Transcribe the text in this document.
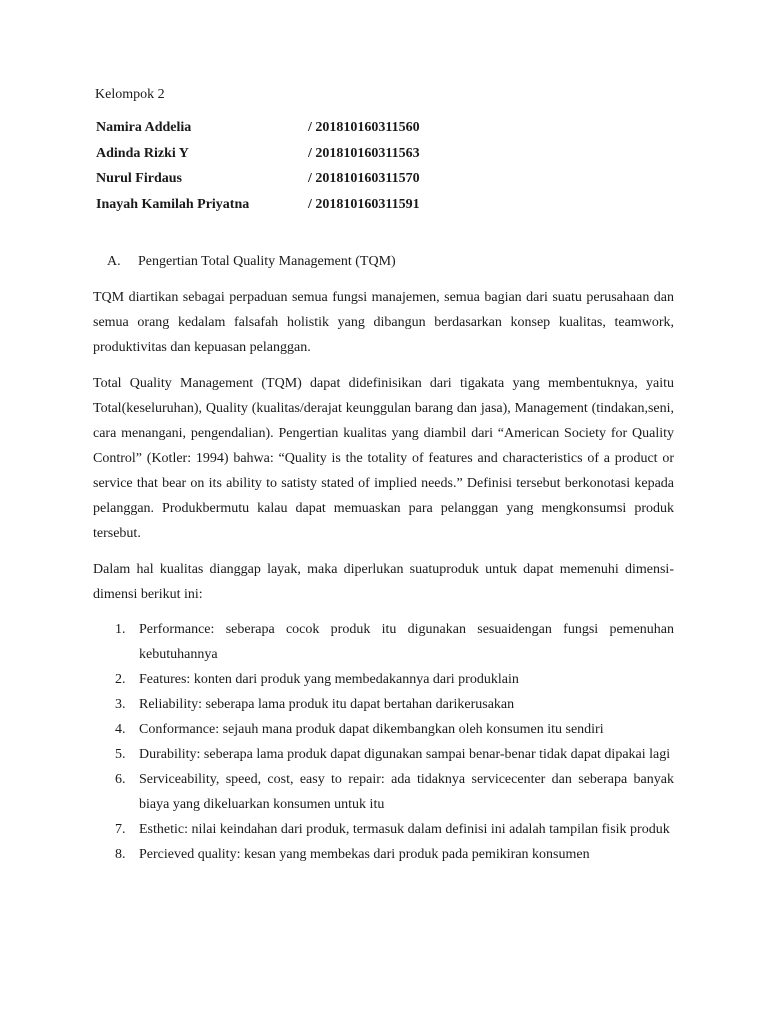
Kelompok 2
Namira Addelia	/ 201810160311560
Adinda Rizki Y	/ 201810160311563
Nurul Firdaus	/ 201810160311570
Inayah Kamilah Priyatna	/ 201810160311591
A. Pengertian Total Quality Management (TQM)

TQM diartikan sebagai perpaduan semua fungsi manajemen, semua bagian dari suatu perusahaan dan semua orang kedalam falsafah holistik yang dibangun berdasarkan konsep kualitas, teamwork, produktivitas dan kepuasan pelanggan.

Total Quality Management (TQM) dapat didefinisikan dari tigakata yang membentuknya, yaitu Total(keseluruhan), Quality (kualitas/derajat keunggulan barang dan jasa), Management (tindakan,seni, cara menangani, pengendalian). Pengertian kualitas yang diambil dari “American Society for Quality Control” (Kotler: 1994) bahwa: “Quality is the totality of features and characteristics of a product or service that bear on its ability to satisty stated of implied needs.” Definisi tersebut berkonotasi kepada pelanggan. Produkbermutu kalau dapat memuaskan para pelanggan yang mengkonsumsi produk tersebut.

Dalam hal kualitas dianggap layak, maka diperlukan suatuproduk untuk dapat memenuhi dimensi-dimensi berikut ini:

1. Performance: seberapa cocok produk itu digunakan sesuaidengan fungsi pemenuhan kebutuhannya
2. Features: konten dari produk yang membedakannya dari produklain
3. Reliability: seberapa lama produk itu dapat bertahan darikerusakan
4. Conformance: sejauh mana produk dapat dikembangkan oleh konsumen itu sendiri
5. Durability: seberapa lama produk dapat digunakan sampai benar-benar tidak dapat dipakai lagi
6. Serviceability, speed, cost, easy to repair: ada tidaknya servicecenter dan seberapa banyak biaya yang dikeluarkan konsumen untuk itu
7. Esthetic: nilai keindahan dari produk, termasuk dalam definisi ini adalah tampilan fisik produk
8. Percieved quality: kesan yang membekas dari produk pada pemikiran konsumen
